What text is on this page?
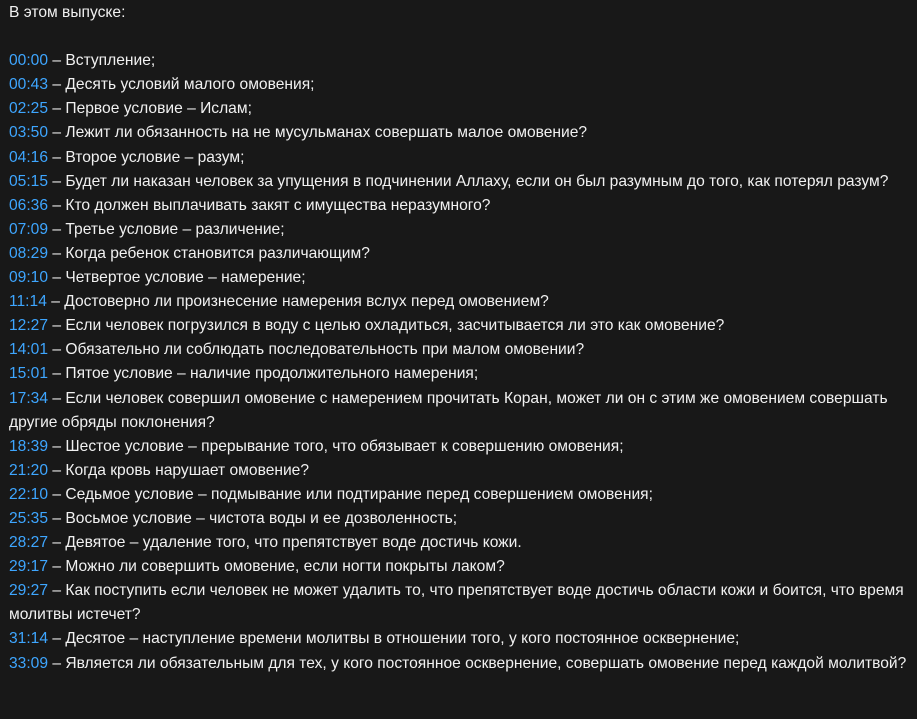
В этом выпуске:
00:00 – Вступление;
00:43 – Десять условий малого омовения;
02:25 – Первое условие – Ислам;
03:50 – Лежит ли обязанность на не мусульманах совершать малое омовение?
04:16 – Второе условие – разум;
05:15 – Будет ли наказан человек за упущения в подчинении Аллаху, если он был разумным до того, как потерял разум?
06:36 – Кто должен выплачивать закят с имущества неразумного?
07:09 – Третье условие – различение;
08:29 – Когда ребенок становится различающим?
09:10 – Четвертое условие – намерение;
11:14 – Достоверно ли произнесение намерения вслух перед омовением?
12:27 – Если человек погрузился в воду с целью охладиться, засчитывается ли это как омовение?
14:01 – Обязательно ли соблюдать последовательность при малом омовении?
15:01 – Пятое условие – наличие продолжительного намерения;
17:34 – Если человек совершил омовение с намерением прочитать Коран, может ли он с этим же омовением совершать другие обряды поклонения?
18:39 – Шестое условие – прерывание того, что обязывает к совершению омовения;
21:20 – Когда кровь нарушает омовение?
22:10 – Седьмое условие – подмывание или подтирание перед совершением омовения;
25:35 – Восьмое условие – чистота воды и ее дозволенность;
28:27 – Девятое – удаление того, что препятствует воде достичь кожи.
29:17 – Можно ли совершить омовение, если ногти покрыты лаком?
29:27 – Как поступить если человек не может удалить то, что препятствует воде достичь области кожи и боится, что время молитвы истечет?
31:14 – Десятое – наступление времени молитвы в отношении того, у кого постоянное осквернение;
33:09 – Является ли обязательным для тех, у кого постоянное осквернение, совершать омовение перед каждой молитвой?
